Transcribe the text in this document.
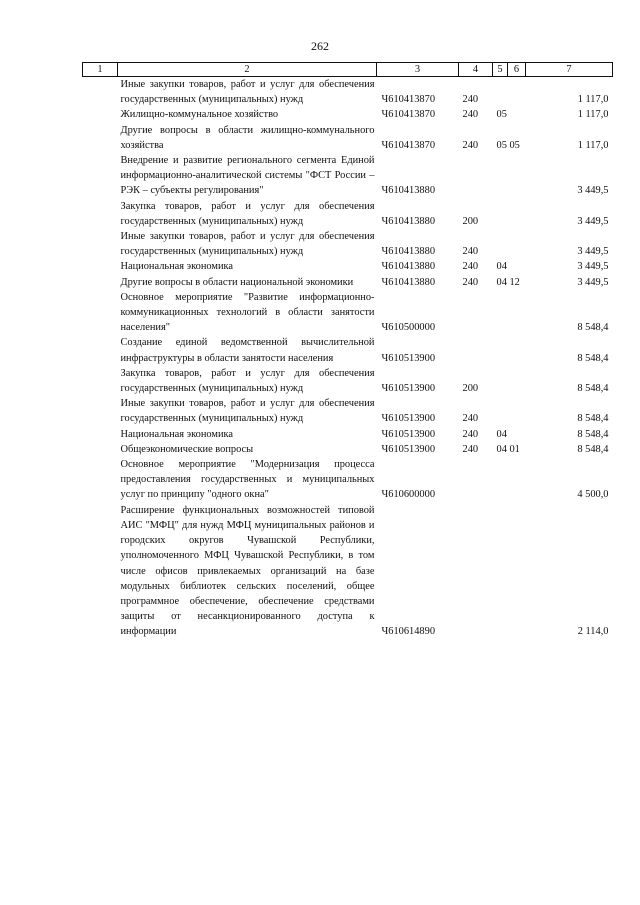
262
1	2	3	4	5	6	7
	Иные закупки товаров, работ и услуг для обеспечения государственных (муниципальных) нужд	Ч610413870	240			1 117,0
	Жилищно-коммунальное хозяйство	Ч610413870	240	05		1 117,0
	Другие вопросы в области жилищно-коммунального хозяйства	Ч610413870	240	05 05		1 117,0
	Внедрение и развитие регионального сегмента Единой информационно-аналитической системы "ФСТ России – РЭК – субъекты регулирования"	Ч610413880				3 449,5
	Закупка товаров, работ и услуг для обеспечения государственных (муниципальных) нужд	Ч610413880	200			3 449,5
	Иные закупки товаров, работ и услуг для обеспечения государственных (муниципальных) нужд	Ч610413880	240			3 449,5
	Национальная экономика	Ч610413880	240	04		3 449,5
	Другие вопросы в области национальной экономики	Ч610413880	240	04 12		3 449,5
	Основное мероприятие "Развитие информационно-коммуникационных технологий в области занятости населения"	Ч610500000				8 548,4
	Создание единой ведомственной вычислительной инфраструктуры в области занятости населения	Ч610513900				8 548,4
	Закупка товаров, работ и услуг для обеспечения государственных (муниципальных) нужд	Ч610513900	200			8 548,4
	Иные закупки товаров, работ и услуг для обеспечения государственных (муниципальных) нужд	Ч610513900	240			8 548,4
	Национальная экономика	Ч610513900	240	04		8 548,4
	Общеэкономические вопросы	Ч610513900	240	04 01		8 548,4
	Основное мероприятие "Модернизация процесса предоставления государственных и муниципальных услуг по принципу "одного окна"	Ч610600000				4 500,0
	Расширение функциональных возможностей типовой АИС "МФЦ" для нужд МФЦ муниципальных районов и городских округов Чувашской Республики, уполномоченного МФЦ Чувашской Республики, в том числе офисов привлекаемых организаций на базе модульных библиотек сельских поселений, общее программное обеспечение, обеспечение средствами защиты от несанкционированного доступа к информации	Ч610614890				2 114,0
